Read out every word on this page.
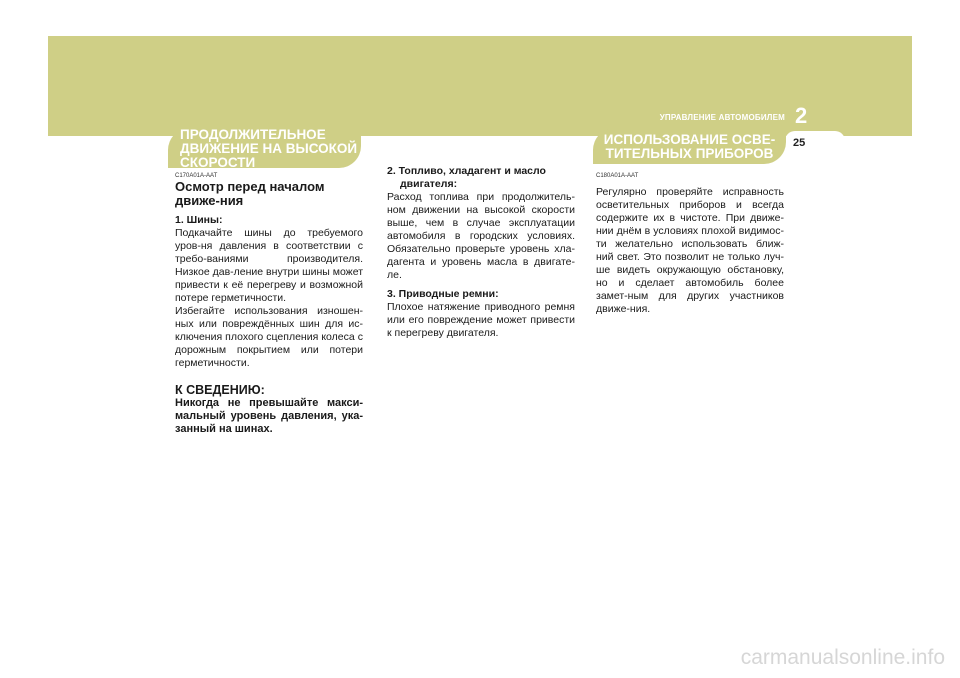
УПРАВЛЕНИЕ АВТОМОБИЛЕМ 2
25
ПРОДОЛЖИТЕЛЬНОЕ
ДВИЖЕНИЕ НА ВЫСОКОЙ
СКОРОСТИ
ИСПОЛЬЗОВАНИЕ ОСВЕ-
ТИТЕЛЬНЫХ ПРИБОРОВ
C170A01A-AAT
Осмотр перед началом движе-ния
1. Шины:

Подкачайте шины до требуемого уров-ня давления в соответствии с требо-ваниями производителя. Низкое дав-ление внутри шины может привести к её перегреву и возможной потере герметичности.

Избегайте использования изношен-ных или повреждённых шин для ис-ключения плохого сцепления колеса с дорожным покрытием или потери герметичности.

К СВЕДЕНИЮ:

Никогда не превышайте макси-мальный уровень давления, ука-занный на шинах.

2. Топливо, хладагент и масло
двигателя:

Расход топлива при продолжитель-ном движении на высокой скорости выше, чем в случае эксплуатации автомобиля в городских условиях. Обязательно проверьте уровень хла-дагента и уровень масла в двигате-ле.

3. Приводные ремни:

Плохое натяжение приводного ремня или его повреждение может привести к перегреву двигателя.

C180A01A-AAT

Регулярно проверяйте исправность осветительных приборов и всегда содержите их в чистоте. При движе-нии днём в условиях плохой видимос-ти желательно использовать ближ-ний свет. Это позволит не только луч-ше видеть окружающую обстановку, но и сделает автомобиль более замет-ным для других участников движе-ния.

carmanualsonline.info
